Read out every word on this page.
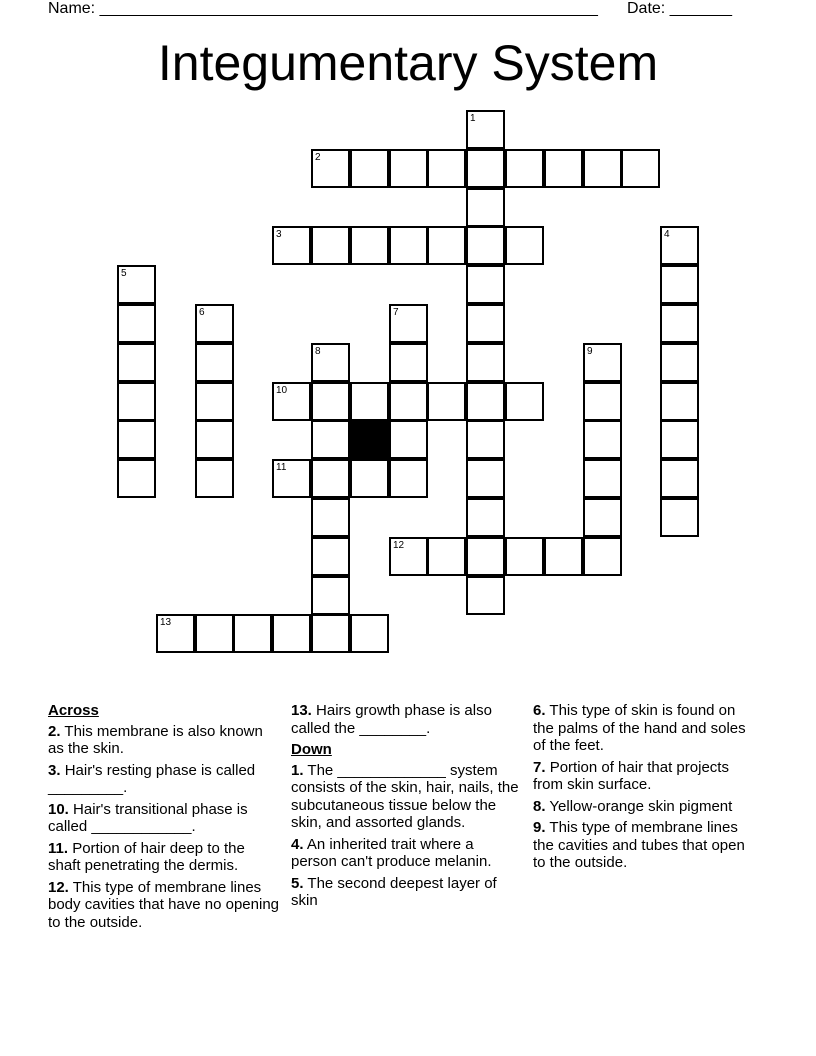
Name: ________________________________________________________ Date: _______
Integumentary System
2
3
10
11
12
13
1
4
5
6	7
8	9
Across

2. This membrane is also known as the skin.

3. Hair's resting phase is called _________.

10. Hair's transitional phase is called ____________.

11. Portion of hair deep to the shaft penetrating the dermis.

12. This type of membrane lines body cavities that have no opening to the outside.

13. Hairs growth phase is also called the ________.

Down

1. The _____________ system consists of the skin, hair, nails, the subcutaneous tissue below the skin, and assorted glands.

4. An inherited trait where a person can't produce melanin.

5. The second deepest layer of skin

6. This type of skin is found on the palms of the hand and soles of the feet.

7. Portion of hair that projects from skin surface.

8. Yellow-orange skin pigment

9. This type of membrane lines the cavities and tubes that open to the outside.
